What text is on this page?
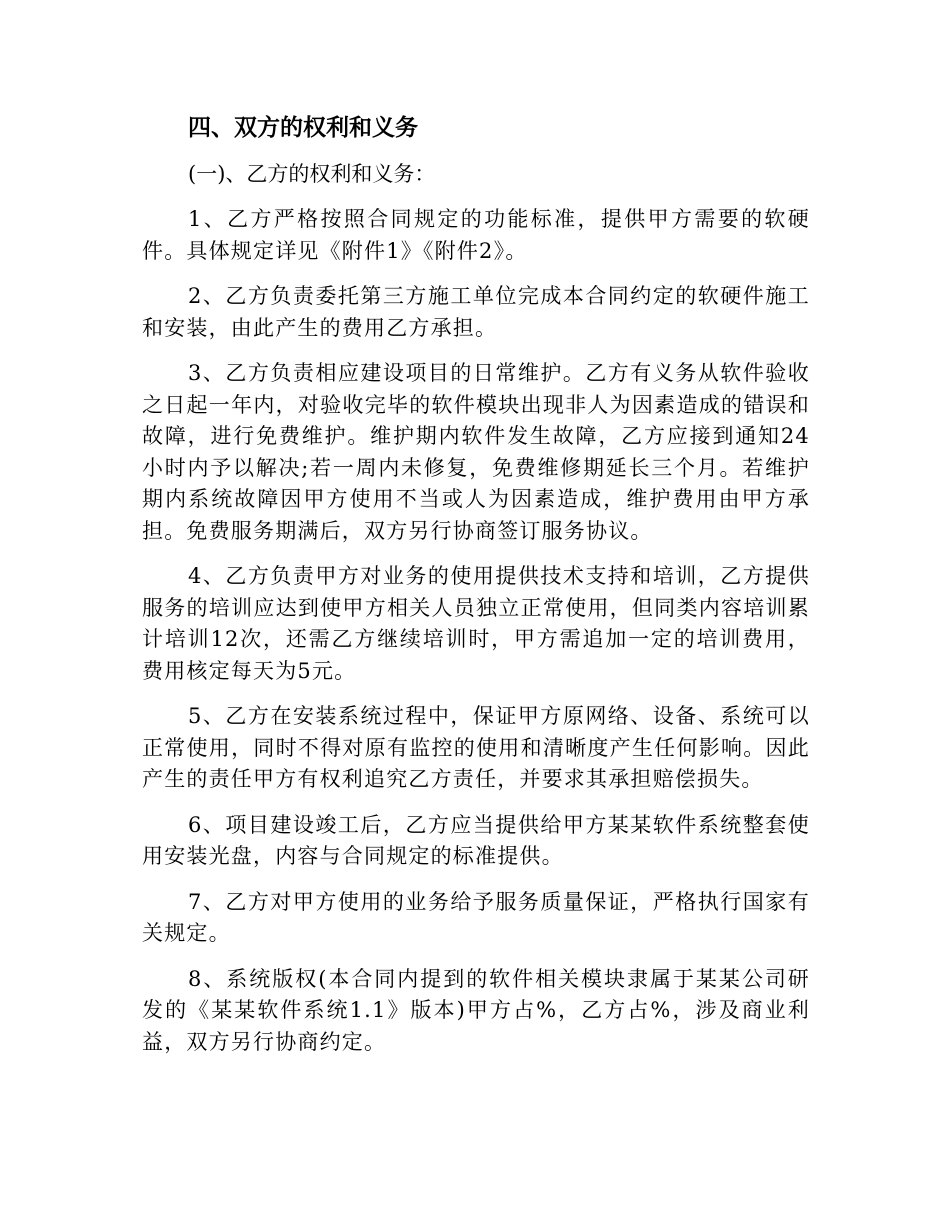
四、双方的权利和义务
(一)、乙方的权利和义务：

1、乙方严格按照合同规定的功能标准，提供甲方需要的软硬件。具体规定详见《附件1》《附件2》。

2、乙方负责委托第三方施工单位完成本合同约定的软硬件施工和安装，由此产生的费用乙方承担。

3、乙方负责相应建设项目的日常维护。乙方有义务从软件验收之日起一年内，对验收完毕的软件模块出现非人为因素造成的错误和故障，进行免费维护。维护期内软件发生故障，乙方应接到通知24小时内予以解决;若一周内未修复，免费维修期延长三个月。若维护期内系统故障因甲方使用不当或人为因素造成，维护费用由甲方承担。免费服务期满后，双方另行协商签订服务协议。

4、乙方负责甲方对业务的使用提供技术支持和培训，乙方提供服务的培训应达到使甲方相关人员独立正常使用，但同类内容培训累计培训12次，还需乙方继续培训时，甲方需追加一定的培训费用，费用核定每天为5元。

5、乙方在安装系统过程中，保证甲方原网络、设备、系统可以正常使用，同时不得对原有监控的使用和清晰度产生任何影响。因此产生的责任甲方有权利追究乙方责任，并要求其承担赔偿损失。

6、项目建设竣工后，乙方应当提供给甲方某某软件系统整套使用安装光盘，内容与合同规定的标准提供。

7、乙方对甲方使用的业务给予服务质量保证，严格执行国家有关规定。

8、系统版权(本合同内提到的软件相关模块隶属于某某公司研发的《某某软件系统1.1》版本)甲方占%，乙方占%，涉及商业利益，双方另行协商约定。
